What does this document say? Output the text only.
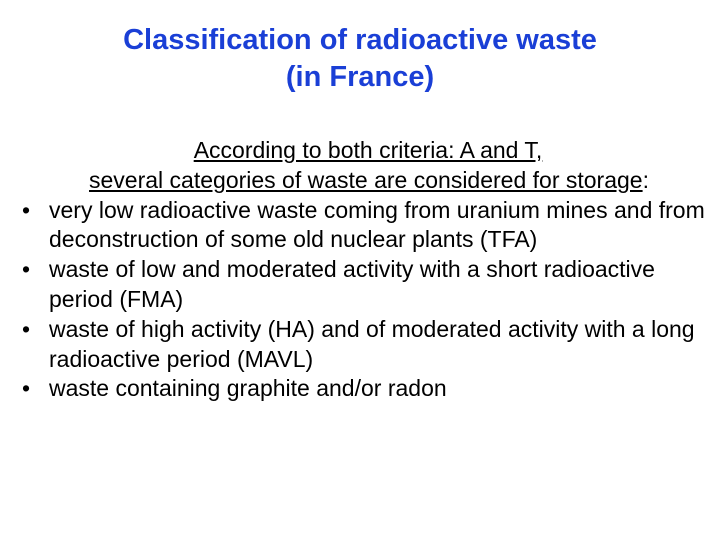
Classification of radioactive waste
(in France)
According to both criteria: A and T,
several categories of waste are considered for storage:
• very low radioactive waste coming from uranium mines and from deconstruction of some old nuclear plants (TFA)
• waste of low and moderated activity with a short radioactive period (FMA)
• waste of high activity (HA) and of moderated activity with a long radioactive period (MAVL)
• waste containing graphite and/or radon
